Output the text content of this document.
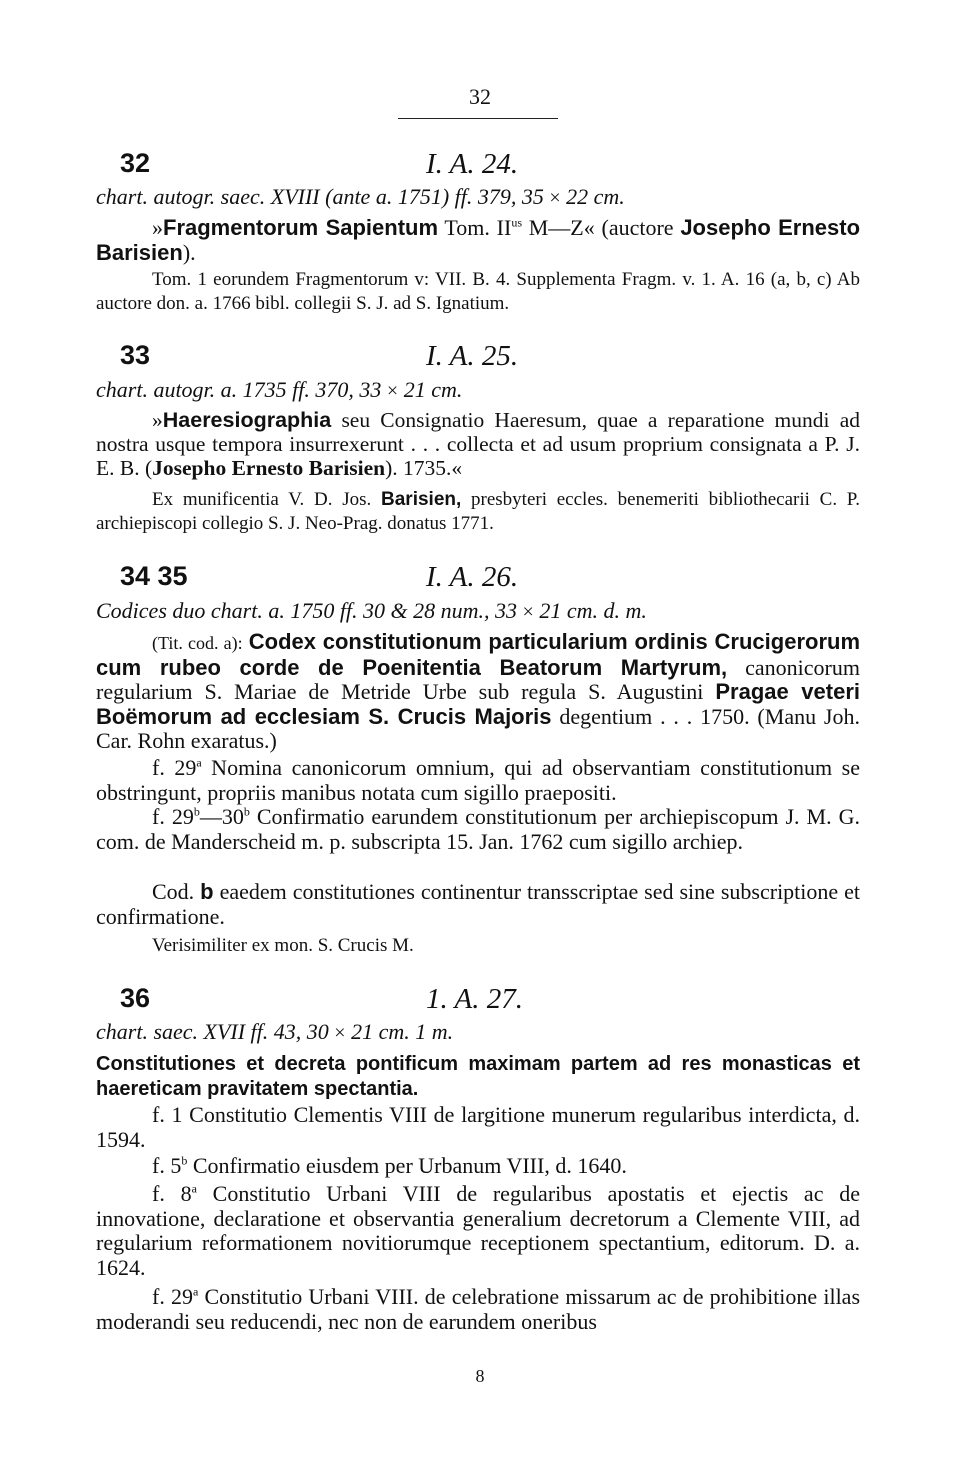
32
32	I. A. 24.
chart. autogr. saec. XVIII (ante a. 1751) ff. 379, 35 × 22 cm.
»Fragmentorum Sapientum Tom. $II^{us}$ M—Z« (auctore Josepho Ernesto Barisien).
Tom. 1 eorundem Fragmentorum v: VII. B. 4. Supplementa Fragm. v. 1. A. 16 (a, b, c) Ab auctore don. a. 1766 bibl. collegii S. J. ad S. Ignatium.
33	I. A. 25.
chart. autogr. a. 1735 ff. 370, 33 × 21 cm.
»Haeresiographia seu Consignatio Haeresum, quae a reparatione mundi ad nostra usque tempora insurrexerunt . . . collecta et ad usum proprium consignata a P. J. E. B. (Josepho Ernesto Barisien). 1735.«
Ex munificentia V. D. Jos. Barisien, presbyteri eccles. benemeriti bibliothecarii C. P. archiepiscopi collegio S. J. Neo-Prag. donatus 1771.
34 35	I. A. 26.
Codices duo chart. a. 1750 ff. 30 & 28 num., 33 × 21 cm. d. m.
(Tit. cod. a): Codex constitutionum particularium ordinis Crucigerorum cum rubeo corde de Poenitentia Beatorum Martyrum, canonicorum regularium S. Mariae de Metride Urbe sub regula S. Augustini Pragae veteri Boëmorum ad ecclesiam S. Crucis Majoris degentium . . . 1750. (Manu Joh. Car. Rohn exaratus.)
f. 29$^a$ Nomina canonicorum omnium, qui ad observantiam constitutionum se obstringunt, propriis manibus notata cum sigillo praepositi.
f. 29$^b$—30$^b$ Confirmatio earundem constitutionum per archiepiscopum J. M. G. com. de Manderscheid m. p. subscripta 15. Jan. 1762 cum sigillo archiep.
Cod. b eaedem constitutiones continentur transscriptae sed sine subscriptione et confirmatione.
Verisimiliter ex mon. S. Crucis M.
36	1. A. 27.
chart. saec. XVII ff. 43, 30 × 21 cm. 1 m.
Constitutiones et decreta pontificum maximam partem ad res monasticas et haereticam pravitatem spectantia.
f. 1 Constitutio Clementis VIII de largitione munerum regularibus interdicta, d. 1594.
f. 5$^b$ Confirmatio eiusdem per Urbanum VIII, d. 1640.
f. 8$^a$ Constitutio Urbani VIII de regularibus apostatis et ejectis ac de innovatione, declaratione et observantia generalium decretorum a Clemente VIII, ad regularium reformationem novitiorumque receptionem spectantium, editorum. D. a. 1624.
f. 29$^a$ Constitutio Urbani VIII. de celebratione missarum ac de prohibitione illas moderandi seu reducendi, nec non de earundem oneribus
8
